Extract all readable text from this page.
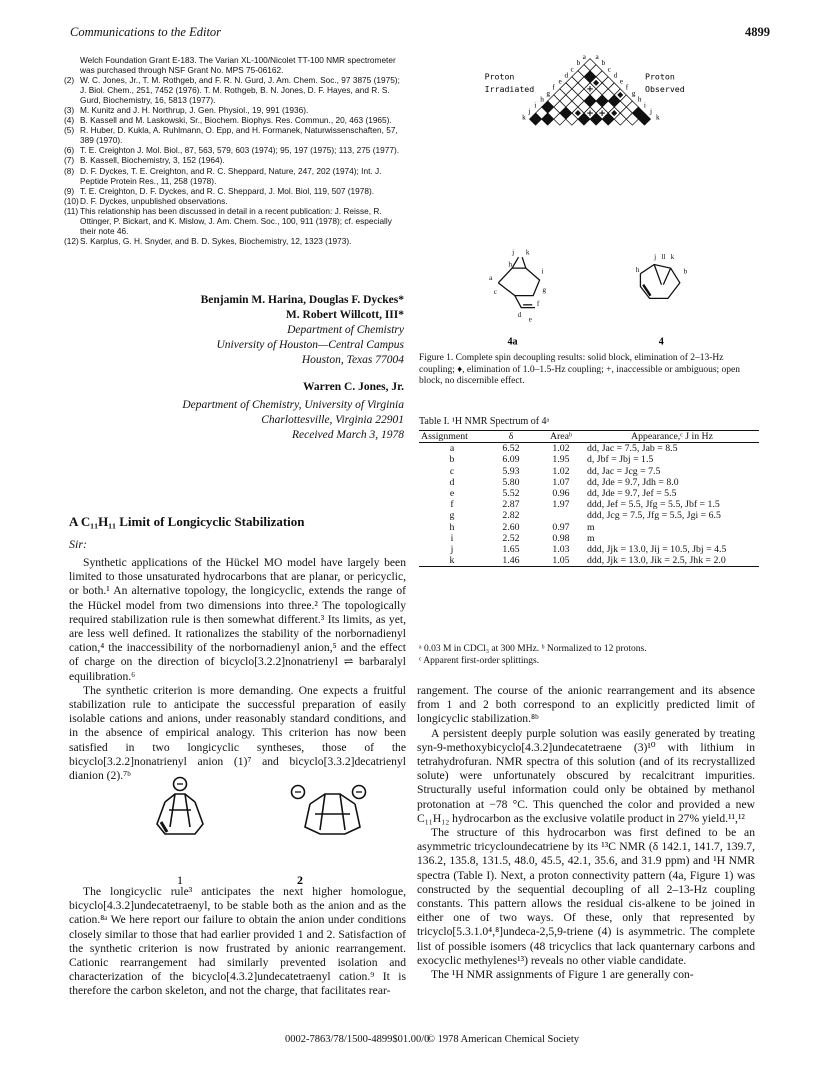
Communications to the Editor	4899
Welch Foundation Grant E-183. The Varian XL-100/Nicolet TT-100 NMR spectrometer was purchased through NSF Grant No. MPS 75-06162.
(2) W. C. Jones, Jr., T. M. Rothgeb, and F. R. N. Gurd, J. Am. Chem. Soc., 97 3875 (1975); J. Biol. Chem., 251, 7452 (1976). T. M. Rothgeb, B. N. Jones, D. F. Hayes, and R. S. Gurd, Biochemistry, 16, 5813 (1977).
(3) M. Kunitz and J. H. Northrup, J. Gen. Physiol., 19, 991 (1936).
(4) B. Kassell and M. Laskowski, Sr., Biochem. Biophys. Res. Commun., 20, 463 (1965).
(5) R. Huber, D. Kukla, A. Ruhlmann, O. Epp, and H. Formanek, Naturwissenschaften, 57, 389 (1970).
(6) T. E. Creighton J. Mol. Biol., 87, 563, 579, 603 (1974); 95, 197 (1975); 113, 275 (1977).
(7) B. Kassell, Biochemistry, 3, 152 (1964).
(8) D. F. Dyckes, T. E. Creighton, and R. C. Sheppard, Nature, 247, 202 (1974); Int. J. Peptide Protein Res., 11, 258 (1978).
(9) T. E. Creighton, D. F. Dyckes, and R. C. Sheppard, J. Mol. Biol, 119, 507 (1978).
(10)D. F. Dyckes, unpublished observations.
(11) This relationship has been discussed in detail in a recent publication: J. Reisse, R. Ottinger, P. Bickart, and K. Mislow, J. Am. Chem. Soc., 100, 911 (1978); cf. especially their note 46.
(12)S. Karplus, G. H. Snyder, and B. D. Sykes, Biochemistry, 12, 1323 (1973).
Benjamin M. Harina, Douglas F. Dyckes*
M. Robert Willcott, III*
Department of Chemistry
University of Houston—Central Campus
Houston, Texas 77004
Warren C. Jones, Jr.
Department of Chemistry, University of Virginia
Charlottesville, Virginia 22901
Received March 3, 1978
A C₁₁H₁₁ Limit of Longicyclic Stabilization
Sir:

Synthetic applications of the Hückel MO model have largely been limited to those unsaturated hydrocarbons that are planar, or pericyclic, or both.¹ An alternative topology, the longicyclic, extends the range of the Hückel model from two dimensions into three.² The topologically required stabilization rule is then somewhat different.³ Its limits, as yet, are less well defined. It rationalizes the stability of the norbornadienyl cation,⁴ the inaccessibility of the norbornadienyl anion,⁵ and the effect of charge on the direction of bicyclo[3.2.2]nonatrienyl ⇌ barbaralyl equilibration.⁶

The synthetic criterion is more demanding. One expects a fruitful stabilization rule to anticipate the successful preparation of easily isolable cations and anions, under reasonably standard conditions, and in the absence of empirical analogy. This criterion has now been satisfied in two longicyclic syntheses, those of the bicyclo[3.2.2]nonatrienyl anion (1)⁷ and bicyclo[3.3.2]decatrienyl dianion (2).⁷ᵇ

1	2

The longicyclic rule³ anticipates the next higher homologue, bicyclo[4.3.2]undecatetraenyl, to be stable both as the anion and as the cation.⁸ᵃ We here report our failure to obtain the anion under conditions closely similar to those that had earlier provided 1 and 2. Satisfaction of the synthetic criterion is now frustrated by anionic rearrangement. Cationic rearrangement had similarly prevented isolation and characterization of the bicyclo[4.3.2]undecatetraenyl cation.⁹ It is therefore the carbon skeleton, and not the charge, that facilitates rear-

a a
b	b
c	c
d	d
e	e
f	f
g	g
h	h
i	i
j	j
k	k
Proton
Irradiated
Proton
Observed
j k
i
a
c	g
f
d
e
h
j ll k
b
h
4a	4
Figure 1. Complete spin decoupling results: solid block, elimination of 2–13-Hz coupling; ♦, elimination of 1.0–1.5-Hz coupling; +, inaccessible or ambiguous; open block, no discernible effect.
Table I. ¹H NMR Spectrum of 4ᵃ
Assignment	δ	Areaᵇ	Appearance,ᶜ J in Hz
a	6.52	1.02	dd, Jac = 7.5, Jab = 8.5
b	6.09	1.95	d, Jbf = Jbj = 1.5
c	5.93	1.02	dd, Jac = Jcg = 7.5
d	5.80	1.07	dd, Jde = 9.7, Jdh = 8.0
e	5.52	0.96	dd, Jde = 9.7, Jef = 5.5
f	2.87	1.97	ddd, Jef = 5.5, Jfg = 5.5, Jbf = 1.5
g	2.82		ddd, Jcg = 7.5, Jfg = 5.5, Jgi = 6.5
h	2.60	0.97	m
i	2.52	0.98	m
j	1.65	1.03	ddd, Jjk = 13.0, Jij = 10.5, Jbj = 4.5
k	1.46	1.05	ddd, Jjk = 13.0, Jik = 2.5, Jhk = 2.0
ᵃ 0.03 M in CDCl₃ at 300 MHz. ᵇ Normalized to 12 protons.
ᶜ Apparent first-order splittings.

rangement. The course of the anionic rearrangement and its absence from 1 and 2 both correspond to an explicitly predicted limit of longicyclic stabilization.⁸ᵇ

A persistent deeply purple solution was easily generated by treating syn-9-methoxybicyclo[4.3.2]undecatetraene (3)¹⁰ with lithium in tetrahydrofuran. NMR spectra of this solution (and of its recrystallized solute) were unfortunately obscured by recalcitrant impurities. Structurally useful information could only be obtained by methanol protonation at −78 °C. This quenched the color and provided a new C₁₁H₁₂ hydrocarbon as the exclusive volatile product in 27% yield.¹¹,¹²

The structure of this hydrocarbon was first defined to be an asymmetric tricycloundecatriene by its ¹³C NMR (δ 142.1, 141.7, 139.7, 136.2, 135.8, 131.5, 48.0, 45.5, 42.1, 35.6, and 31.9 ppm) and ¹H NMR spectra (Table I). Next, a proton connectivity pattern (4a, Figure 1) was constructed by the sequential decoupling of all 2–13-Hz coupling constants. This pattern allows the residual cis-alkene to be joined in either one of two ways. Of these, only that represented by tricyclo[5.3.1.0⁴,⁸]undeca-2,5,9-triene (4) is asymmetric. The complete list of possible isomers (48 tricyclics that lack quanternary carbons and exocyclic methylenes¹³) reveals no other viable candidate.

The ¹H NMR assignments of Figure 1 are generally con-

0002-7863/78/1500-4899$01.00/0
© 1978 American Chemical Society
